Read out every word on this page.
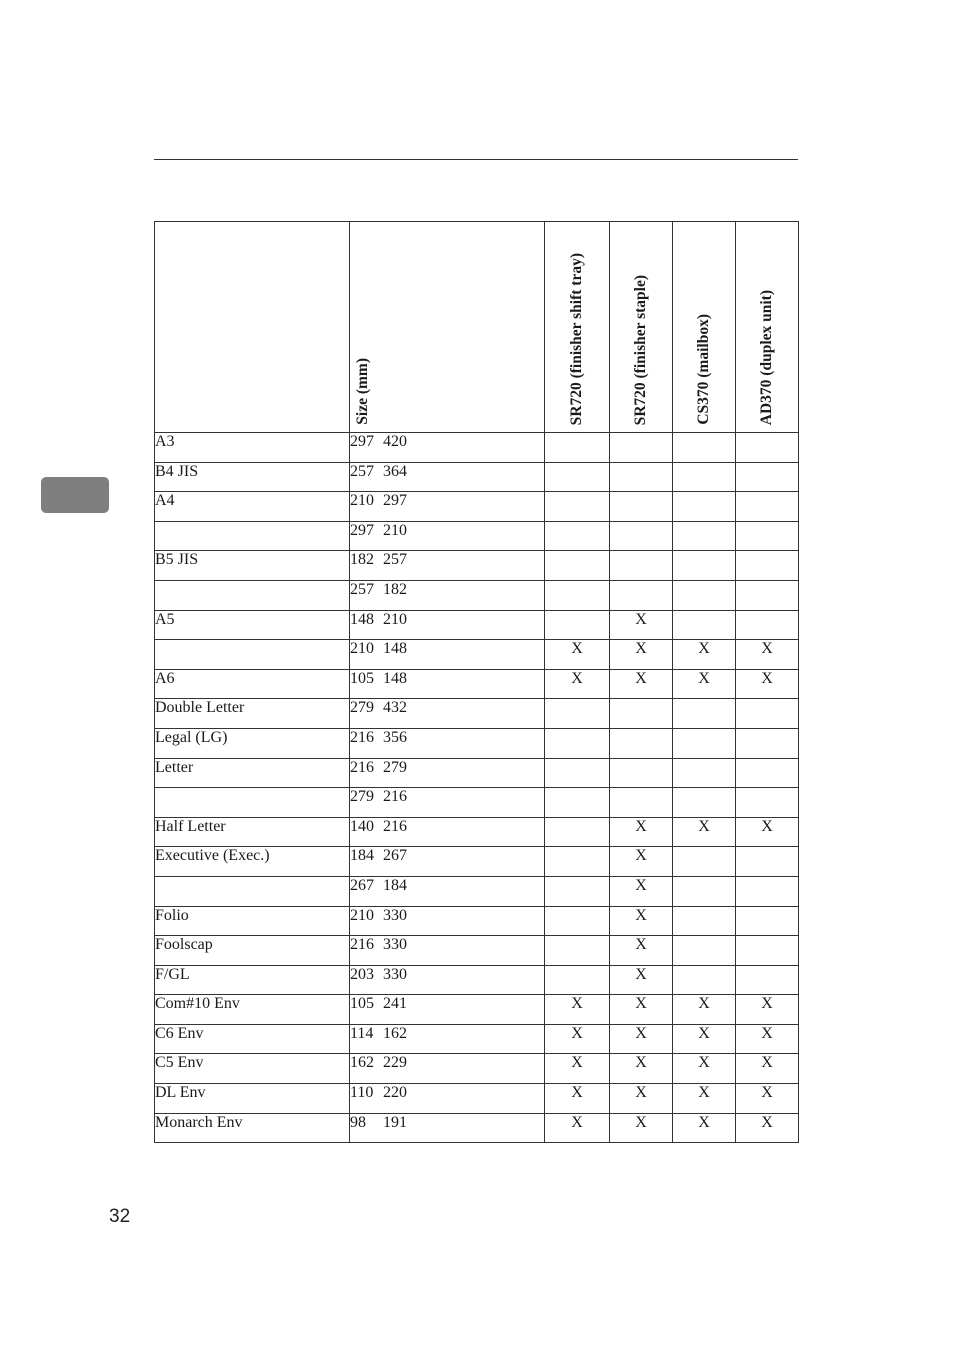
	Size (mm)	SR720 (finisher shift tray)	SR720 (finisher staple)	CS370 (mailbox)	AD370 (duplex unit)

A3	297 420				
B4 JIS	257 364				
A4	210 297				
	297 210				
B5 JIS	182 257				
	257 182				
A5	148 210		X		
	210 148	X	X	X	X
A6	105 148	X	X	X	X
Double Letter	279 432				
Legal (LG)	216 356				
Letter	216 279				
	279 216				
Half Letter	140 216		X	X	X
Executive (Exec.)	184 267		X		
	267 184		X		
Folio	210 330		X		
Foolscap	216 330		X		
F/GL	203 330		X		
Com#10 Env	105 241	X	X	X	X
C6 Env	114 162	X	X	X	X
C5 Env	162 229	X	X	X	X
DL Env	110 220	X	X	X	X
Monarch Env	98 191	X	X	X	X
32
